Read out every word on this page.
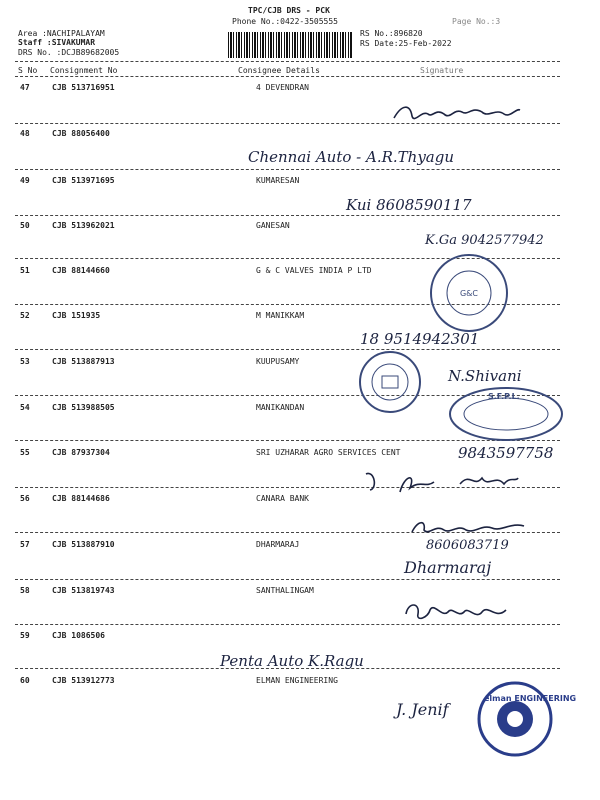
TPC/CJB DRS - PCK
Phone No.:0422-3505555	Page No.:3
Area :NACHIPALAYAM
Staff :SIVAKUMAR
DRS No. :DCJB89682005
RS No.:896820
RS Date:25-Feb-2022
S No Consignment No	Consignee Details	Signature
47	CJB 513716951	4 DEVENDRAN
48	CJB 88056400
49	CJB 513971695	KUMARESAN
50	CJB 513962021	GANESAN
51	CJB 88144660	G & C VALVES INDIA P LTD
52	CJB 151935	M MANIKKAM
53	CJB 513887913	KUUPUSAMY
54	CJB 513988505	MANIKANDAN
55	CJB 87937304	SRI UZHARAR AGRO SERVICES CENT
56	CJB 88144686	CANARA BANK
57	CJB 513887910	DHARMARAJ
58	CJB 513819743	SANTHALINGAM
59	CJB 1086506
60	CJB 513912773	ELMAN ENGINEERING
Chennai Auto - A.R.Thyagu
Kui 8608590117
K.Ga 9042577942
18 9514942301
N.Shivani
9843597758
8606083719
Dharmaraj
Penta Auto K.Ragu
J. Jenif
G&C
S.F.P.L.
elman ENGINEERING
